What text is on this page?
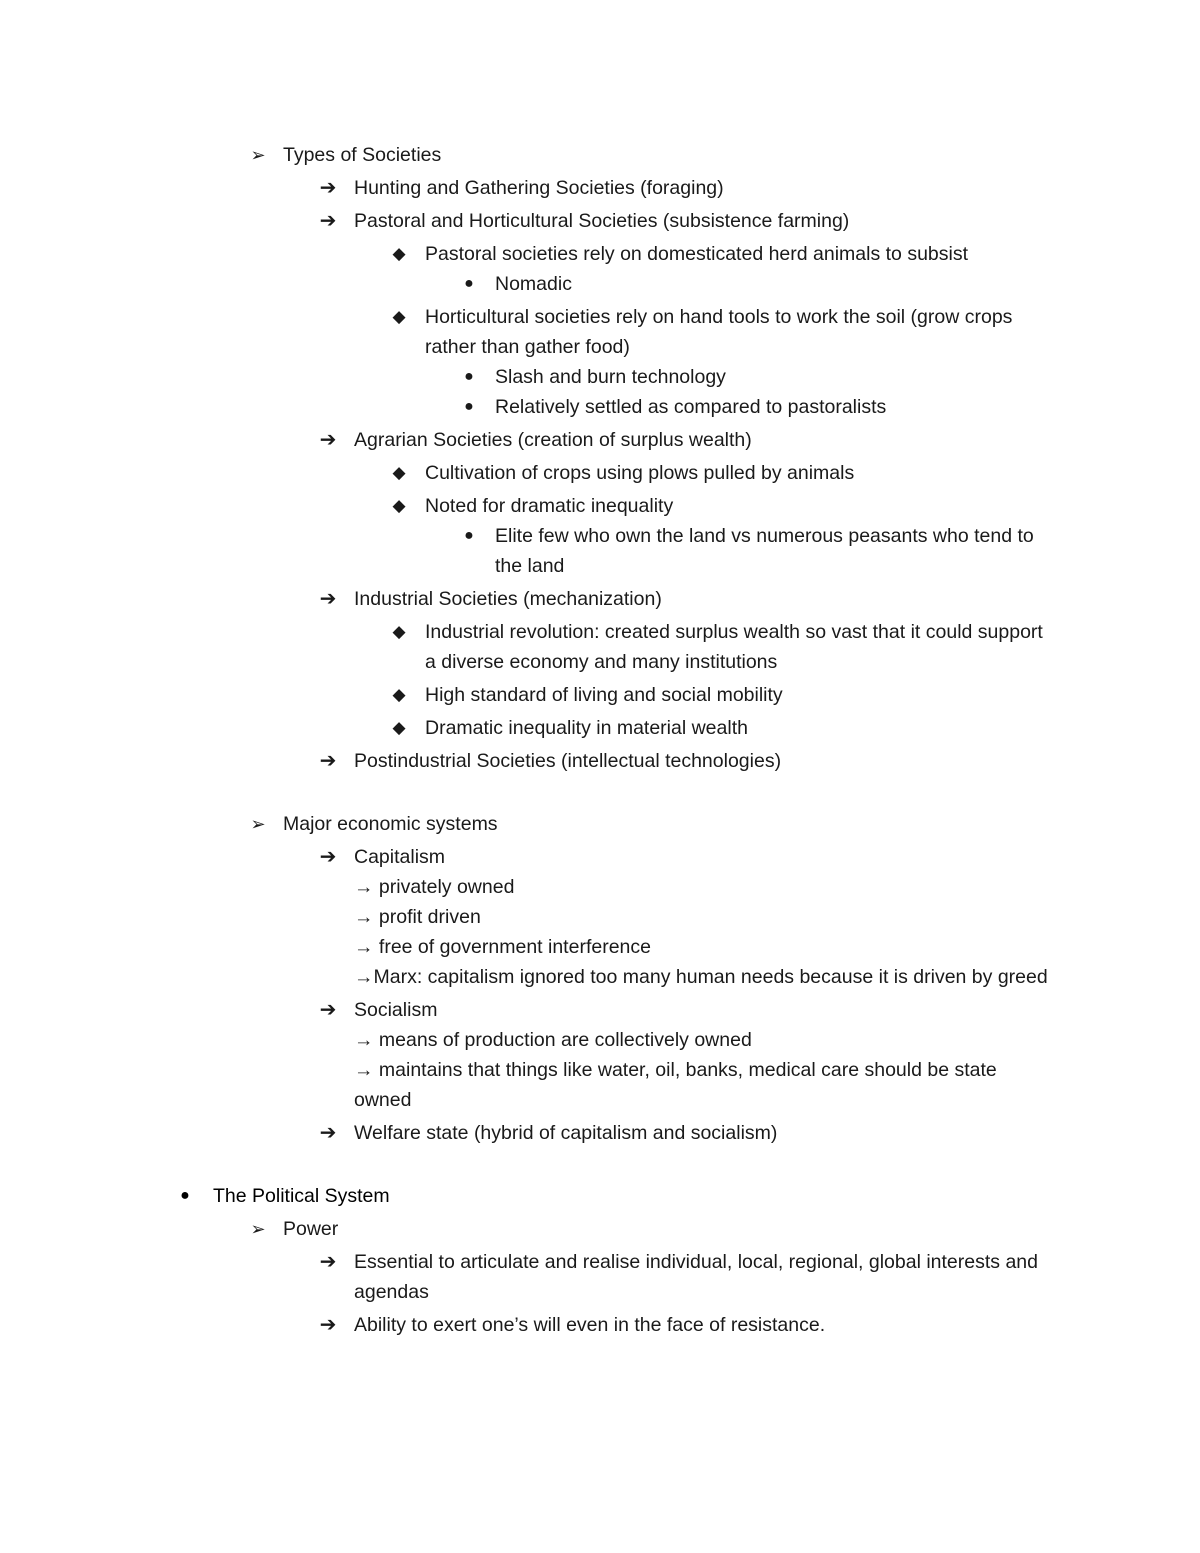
➢ Types of Societies
➔ Hunting and Gathering Societies (foraging)
➔ Pastoral and Horticultural Societies (subsistence farming)
◆ Pastoral societies rely on domesticated herd animals to subsist
●	Nomadic
◆ Horticultural societies rely on hand tools to work the soil (grow crops rather than gather food)
●	Slash and burn technology
●	Relatively settled as compared to pastoralists
➔ Agrarian Societies (creation of surplus wealth)
◆ Cultivation of crops using plows pulled by animals
◆ Noted for dramatic inequality
●	Elite few who own the land vs numerous peasants who tend to the land
➔ Industrial Societies (mechanization)
◆ Industrial revolution: created surplus wealth so vast that it could support a diverse economy and many institutions
◆ High standard of living and social mobility
◆ Dramatic inequality in material wealth
➔ Postindustrial Societies (intellectual technologies)
➢ Major economic systems
➔ Capitalism
→ privately owned
→ profit driven
→ free of government interference
→Marx: capitalism ignored too many human needs because it is driven by greed
➔ Socialism
→ means of production are collectively owned
→ maintains that things like water, oil, banks, medical care should be state owned
➔ Welfare state (hybrid of capitalism and socialism)
●	The Political System
➢ Power
➔ Essential to articulate and realise individual, local, regional, global interests and agendas
➔ Ability to exert one’s will even in the face of resistance.
